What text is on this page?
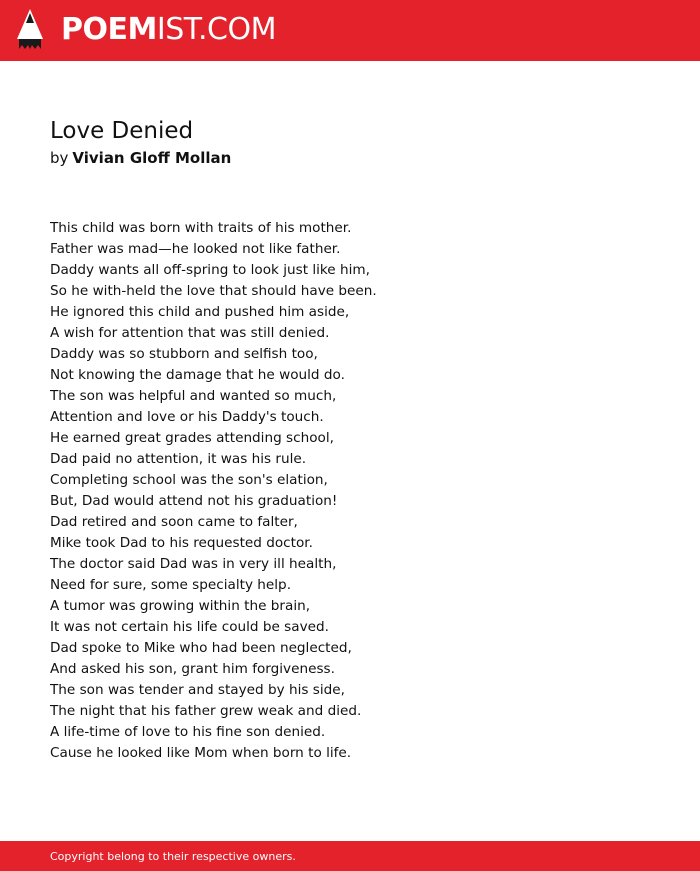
POEMIST.COM
Love Denied
by Vivian Gloff Mollan
This child was born with traits of his mother.
Father was mad—he looked not like father.
Daddy wants all off-spring to look just like him,
So he with-held the love that should have been.
He ignored this child and pushed him aside,
A wish for attention that was still denied.
Daddy was so stubborn and selfish too,
Not knowing the damage that he would do.
The son was helpful and wanted so much,
Attention and love or his Daddy's touch.
He earned great grades attending school,
Dad paid no attention, it was his rule.
Completing school was the son's elation,
But, Dad would attend not his graduation!
Dad retired and soon came to falter,
Mike took Dad to his requested doctor.
The doctor said Dad was in very ill health,
Need for sure, some specialty help.
A tumor was growing within the brain,
It was not certain his life could be saved.
Dad spoke to Mike who had been neglected,
And asked his son, grant him forgiveness.
The son was tender and stayed by his side,
The night that his father grew weak and died.
A life-time of love to his fine son denied.
Cause he looked like Mom when born to life.
Copyright belong to their respective owners.
